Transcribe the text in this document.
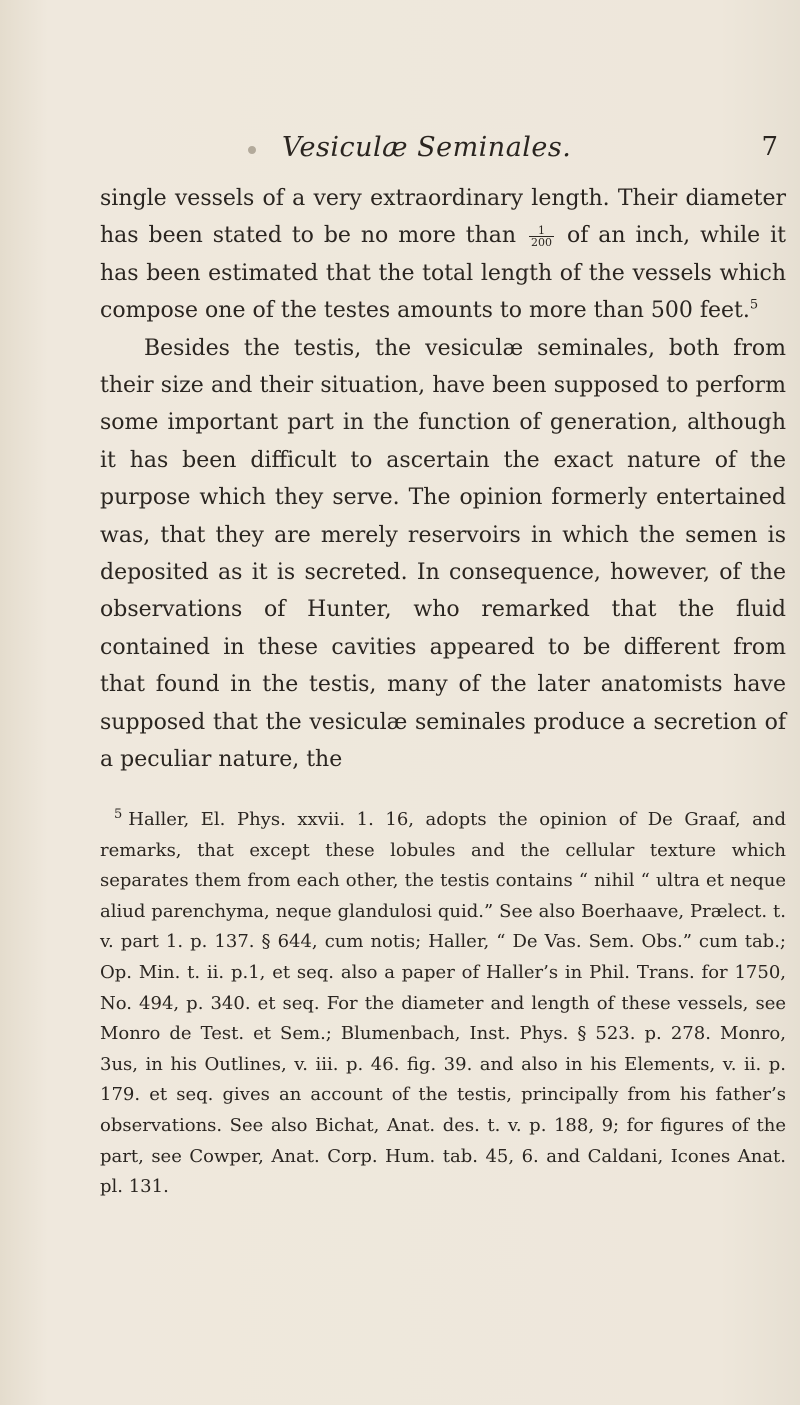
Vesiculæ Seminales.	7

single vessels of a very extraordinary length. Their diameter has been stated to be no more than $\frac{1}{200}$ of an inch, while it has been estimated that the total length of the vessels which compose one of the testes amounts to more than 500 feet.$^5$

Besides the testis, the vesiculæ seminales, both from their size and their situation, have been supposed to perform some important part in the function of generation, although it has been difficult to ascertain the exact nature of the purpose which they serve. The opinion formerly entertained was, that they are merely reservoirs in which the semen is deposited as it is secreted. In consequence, however, of the observations of Hunter, who remarked that the fluid contained in these cavities appeared to be different from that found in the testis, many of the later anatomists have supposed that the vesiculæ seminales produce a secretion of a peculiar nature, the

$^5$ Haller, El. Phys. xxvii. 1. 16, adopts the opinion of De Graaf, and remarks, that except these lobules and the cellular texture which separates them from each other, the testis contains “ nihil “ ultra et neque aliud parenchyma, neque glandulosi quid.” See also Boerhaave, Prælect. t. v. part 1. p. 137. § 644, cum notis; Haller, “ De Vas. Sem. Obs.” cum tab.; Op. Min. t. ii. p.1, et seq. also a paper of Haller’s in Phil. Trans. for 1750, No. 494, p. 340. et seq. For the diameter and length of these vessels, see Monro de Test. et Sem.; Blumenbach, Inst. Phys. § 523. p. 278. Monro, 3us, in his Outlines, v. iii. p. 46. fig. 39. and also in his Elements, v. ii. p. 179. et seq. gives an account of the testis, principally from his father’s observations. See also Bichat, Anat. des. t. v. p. 188, 9; for figures of the part, see Cowper, Anat. Corp. Hum. tab. 45, 6. and Caldani, Icones Anat. pl. 131.
